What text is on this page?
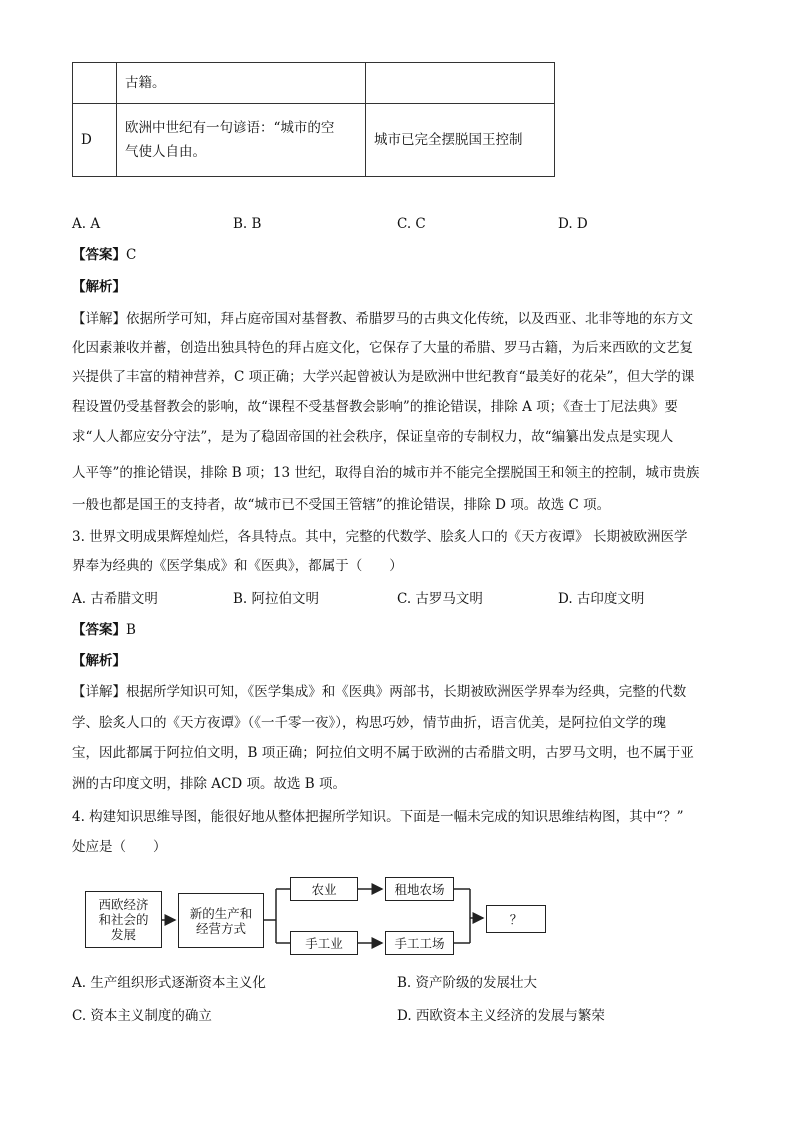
	古籍。	
D	欧洲中世纪有一句谚语：“城市的空
气使人自由。	城市已完全摆脱国王控制
A. A	B. B	C. C	D. D
【答案】C
【解析】
【详解】依据所学可知，拜占庭帝国对基督教、希腊罗马的古典文化传统，以及西亚、北非等地的东方文
化因素兼收并蓄，创造出独具特色的拜占庭文化，它保存了大量的希腊、罗马古籍，为后来西欧的文艺复
兴提供了丰富的精神营养，C 项正确；大学兴起曾被认为是欧洲中世纪教育“最美好的花朵”，但大学的课
程设置仍受基督教会的影响，故“课程不受基督教会影响”的推论错误，排除 A 项；《查士丁尼法典》要
求“人人都应安分守法”，是为了稳固帝国的社会秩序，保证皇帝的专制权力，故“编纂出发点是实现人
人平等”的推论错误，排除 B 项；13 世纪，取得自治的城市并不能完全摆脱国王和领主的控制，城市贵族
一般也都是国王的支持者，故“城市已不受国王管辖”的推论错误，排除 D 项。故选 C 项。
3. 世界文明成果辉煌灿烂，各具特点。其中，完整的代数学、脍炙人口的《天方夜谭》 长期被欧洲医学
界奉为经典的《医学集成》和《医典》，都属于（　　）
A. 古希腊文明	B. 阿拉伯文明	C. 古罗马文明	D. 古印度文明
【答案】B
【解析】
【详解】根据所学知识可知，《医学集成》和《医典》两部书，长期被欧洲医学界奉为经典，完整的代数
学、脍炙人口的《天方夜谭》（《一千零一夜》），构思巧妙，情节曲折，语言优美，是阿拉伯文学的瑰
宝，因此都属于阿拉伯文明，B 项正确；阿拉伯文明不属于欧洲的古希腊文明，古罗马文明，也不属于亚
洲的古印度文明，排除 ACD 项。故选 B 项。
4. 构建知识思维导图，能很好地从整体把握所学知识。下面是一幅未完成的知识思维结构图，其中“？”
处应是（　　）
西欧经济
和社会的
发展
新的生产和
经营方式
农业
手工业
租地农场
手工工场
？
A. 生产组织形式逐渐资本主义化	B. 资产阶级的发展壮大
C. 资本主义制度的确立	D. 西欧资本主义经济的发展与繁荣
